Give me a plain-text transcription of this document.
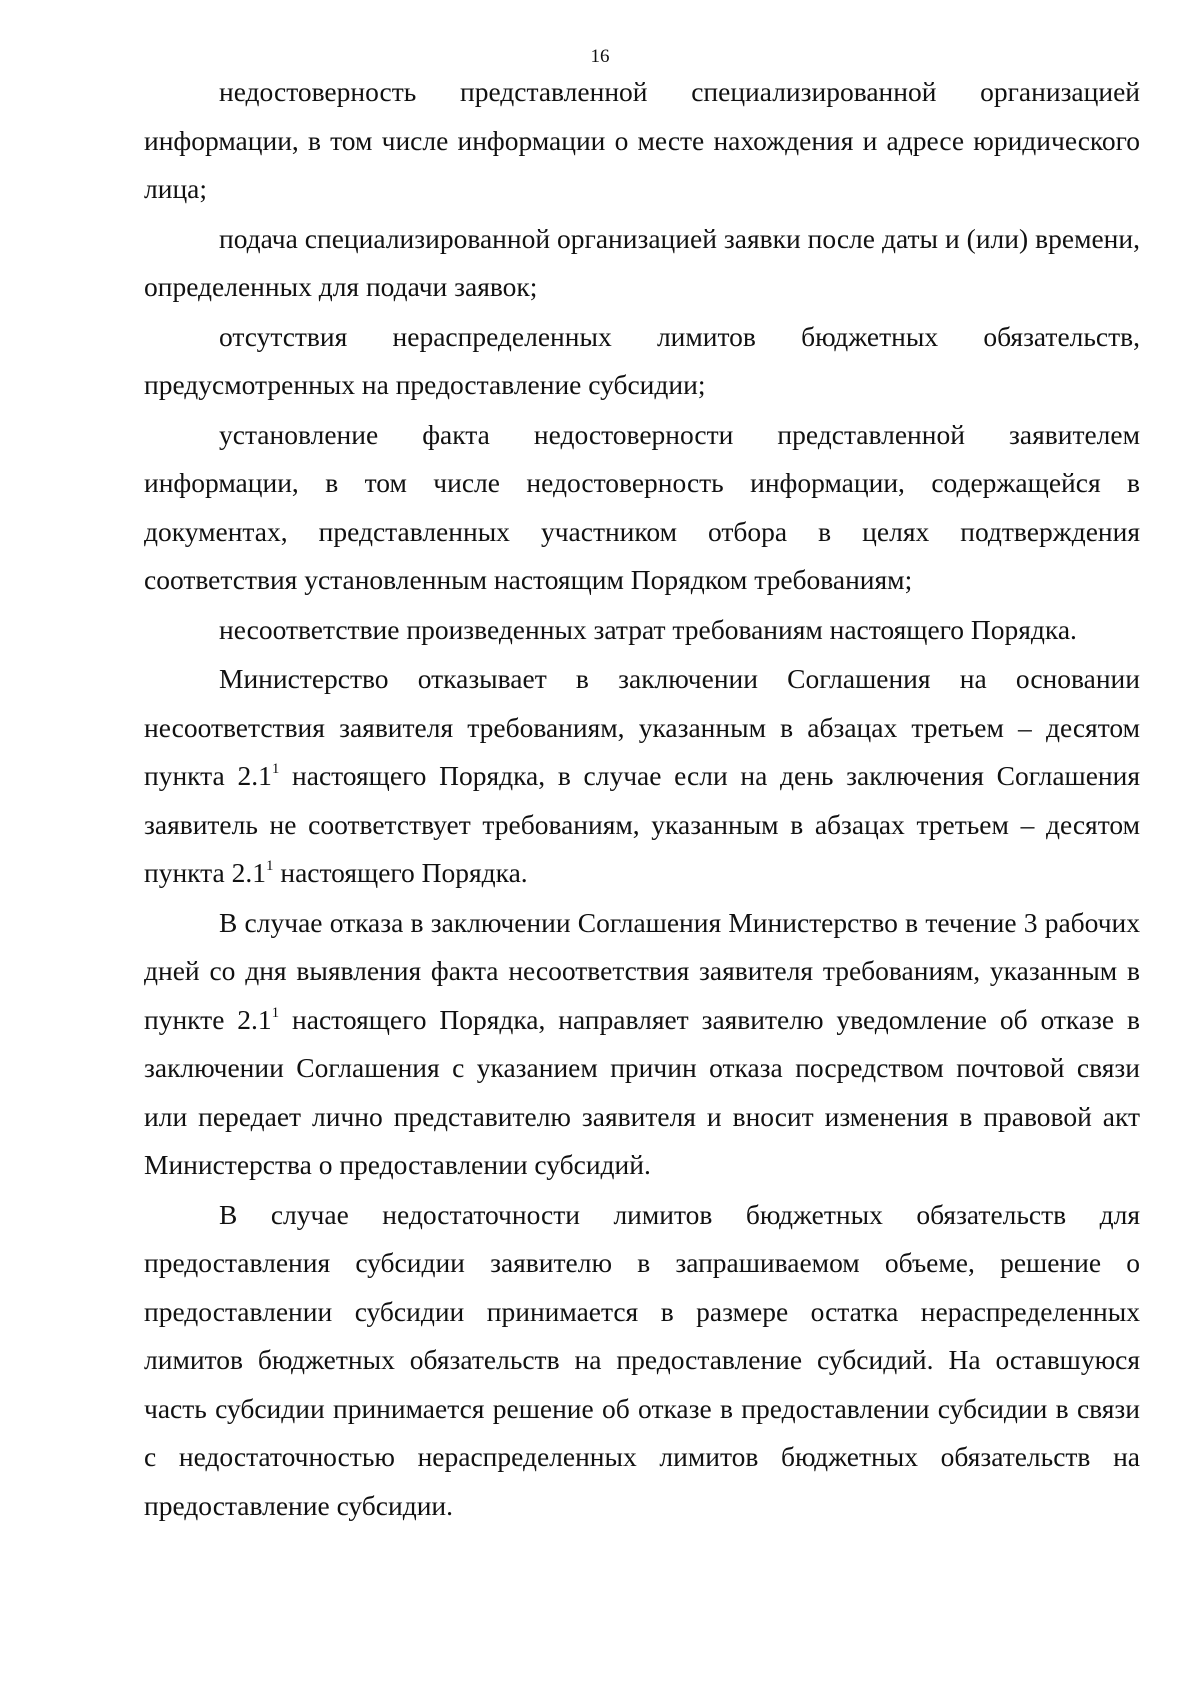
16

недостоверность представленной специализированной организацией информации, в том числе информации о месте нахождения и адресе юридического лица;

подача специализированной организацией заявки после даты и (или) времени, определенных для подачи заявок;

отсутствия нераспределенных лимитов бюджетных обязательств, предусмотренных на предоставление субсидии;

установление факта недостоверности представленной заявителем информации, в том числе недостоверность информации, содержащейся в документах, представленных участником отбора в целях подтверждения соответствия установленным настоящим Порядком требованиям;

несоответствие произведенных затрат требованиям настоящего Порядка.

Министерство отказывает в заключении Соглашения на основании несоответствия заявителя требованиям, указанным в абзацах третьем – десятом пункта $2.1^1$ настоящего Порядка, в случае если на день заключения Соглашения заявитель не соответствует требованиям, указанным в абзацах третьем – десятом пункта $2.1^1$ настоящего Порядка.

В случае отказа в заключении Соглашения Министерство в течение 3 рабочих дней со дня выявления факта несоответствия заявителя требованиям, указанным в пункте $2.1^1$ настоящего Порядка, направляет заявителю уведомление об отказе в заключении Соглашения с указанием причин отказа посредством почтовой связи или передает лично представителю заявителя и вносит изменения в правовой акт Министерства о предоставлении субсидий.

В случае недостаточности лимитов бюджетных обязательств для предоставления субсидии заявителю в запрашиваемом объеме, решение о предоставлении субсидии принимается в размере остатка нераспределенных лимитов бюджетных обязательств на предоставление субсидий. На оставшуюся часть субсидии принимается решение об отказе в предоставлении субсидии в связи с недостаточностью нераспределенных лимитов бюджетных обязательств на предоставление субсидии.
